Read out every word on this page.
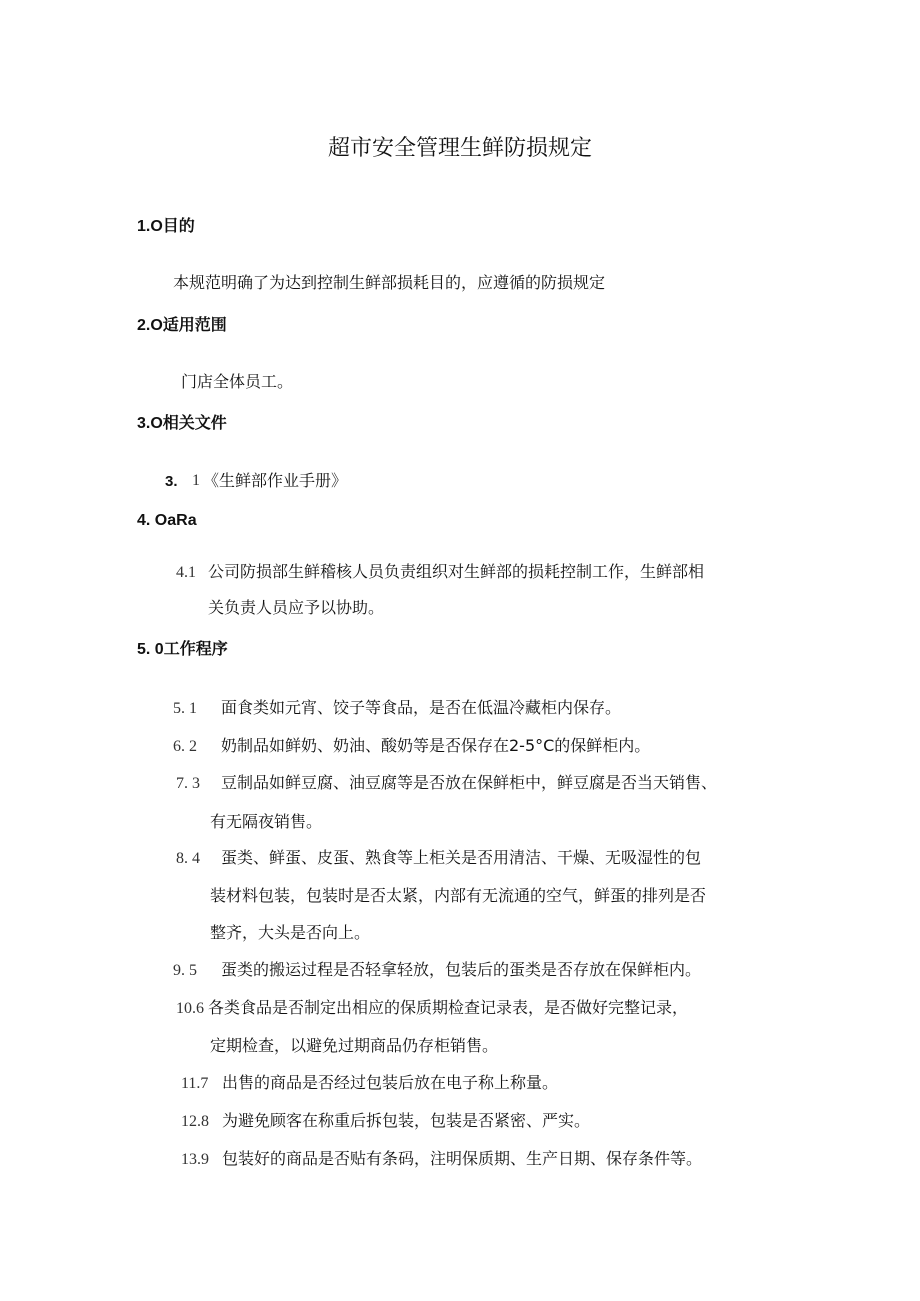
超市安全管理生鲜防损规定
1.O目的
本规范明确了为达到控制生鲜部损耗目的，应遵循的防损规定
2.O适用范围
门店全体员工。
3.O相关文件
3. 1 《生鲜部作业手册》
4. OaRa
4.1 公司防损部生鲜稽核人员负责组织对生鲜部的损耗控制工作，生鲜部相
关负责人员应予以协助。
5. 0工作程序
5. 1 面食类如元宵、饺子等食品，是否在低温冷藏柜内保存。
6. 2 奶制品如鲜奶、奶油、酸奶等是否保存在2-5°C的保鲜柜内。
7. 3 豆制品如鲜豆腐、油豆腐等是否放在保鲜柜中，鲜豆腐是否当天销售、
有无隔夜销售。
8. 4 蛋类、鲜蛋、皮蛋、熟食等上柜关是否用清洁、干燥、无吸湿性的包
装材料包装，包装时是否太紧，内部有无流通的空气，鲜蛋的排列是否
整齐，大头是否向上。
9. 5 蛋类的搬运过程是否轻拿轻放，包装后的蛋类是否存放在保鲜柜内。
10.6 各类食品是否制定出相应的保质期检查记录表，是否做好完整记录，
定期检查，以避免过期商品仍存柜销售。
11.7 出售的商品是否经过包装后放在电子称上称量。
12.8 为避免顾客在称重后拆包装，包装是否紧密、严实。
13.9 包装好的商品是否贴有条码，注明保质期、生产日期、保存条件等。
